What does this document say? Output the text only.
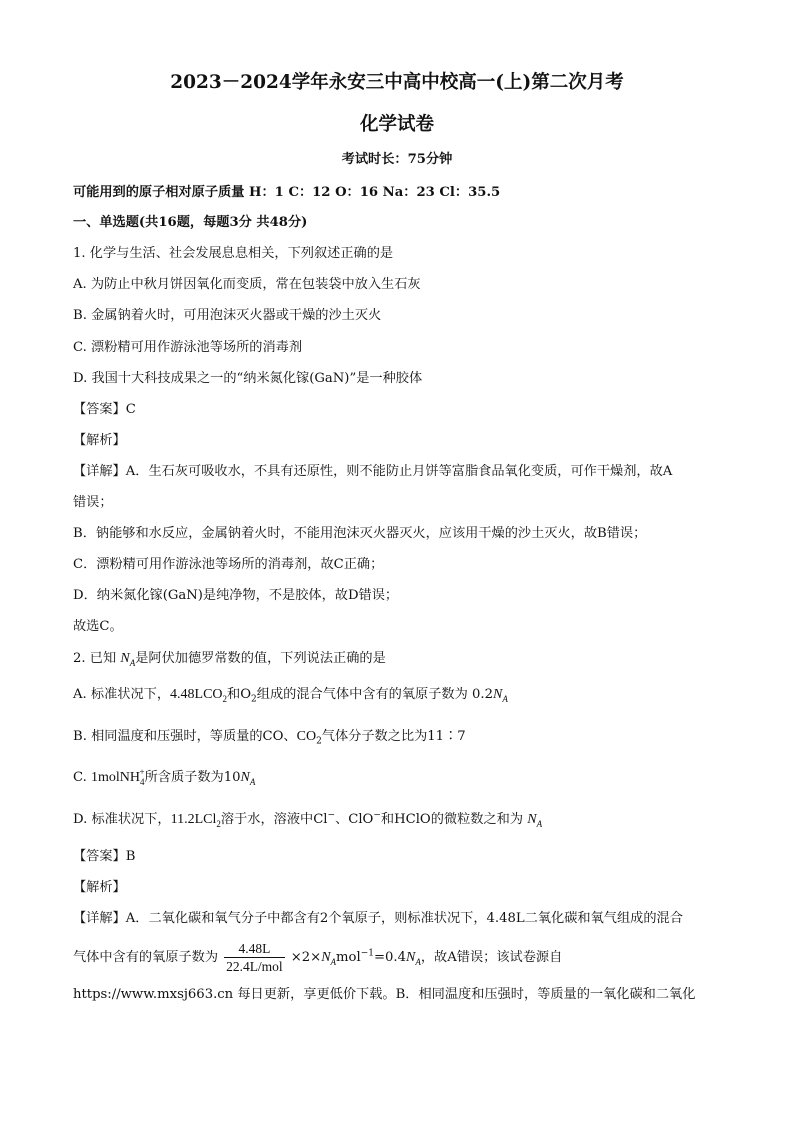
2023－2024学年永安三中高中校高一(上)第二次月考
化学试卷
考试时长：75分钟
可能用到的原子相对原子质量 H：1 C：12 O：16 Na：23 Cl：35.5
一、单选题(共16题，每题3分 共48分)
1. 化学与生活、社会发展息息相关，下列叙述正确的是
A. 为防止中秋月饼因氧化而变质，常在包装袋中放入生石灰
B. 金属钠着火时，可用泡沫灭火器或干燥的沙土灭火
C. 漂粉精可用作游泳池等场所的消毒剂
D. 我国十大科技成果之一的“纳米氮化镓(GaN)”是一种胶体
【答案】C
【解析】
【详解】A．生石灰可吸收水，不具有还原性，则不能防止月饼等富脂食品氧化变质，可作干燥剂，故A
错误；
B．钠能够和水反应，金属钠着火时，不能用泡沫灭火器灭火，应该用干燥的沙土灭火，故B错误；
C．漂粉精可用作游泳池等场所的消毒剂，故C正确；
D．纳米氮化镓(GaN)是纯净物，不是胶体，故D错误；
故选C。
2. 已知 $N_A$是阿伏加德罗常数的值，下列说法正确的是
A. 标准状况下，$4.48LCO_2$和$O_2$组成的混合气体中含有的氧原子数为 $0.2N_A$
B. 相同温度和压强时，等质量的CO、$CO_2$气体分子数之比为11∶7
C. 1molNH$_4$+所含质子数为$10N_A$
D. 标准状况下，11.2LCl$_2$溶于水，溶液中Cl−、ClO−和HClO的微粒数之和为 $N_A$
【答案】B
【解析】
【详解】A．二氧化碳和氧气分子中都含有2个氧原子，则标准状况下，4.48L二氧化碳和氧气组成的混合
气体中含有的氧原子数为 $\frac{4.48L}{\text{22.4L/mol}} \times 2\times N_Amol^{-1}=0.4N_A$，故A错误；该试卷源自
https://www.mxsj663.cn 每日更新，享更低价下载。B．相同温度和压强时，等质量的一氧化碳和二氧化
